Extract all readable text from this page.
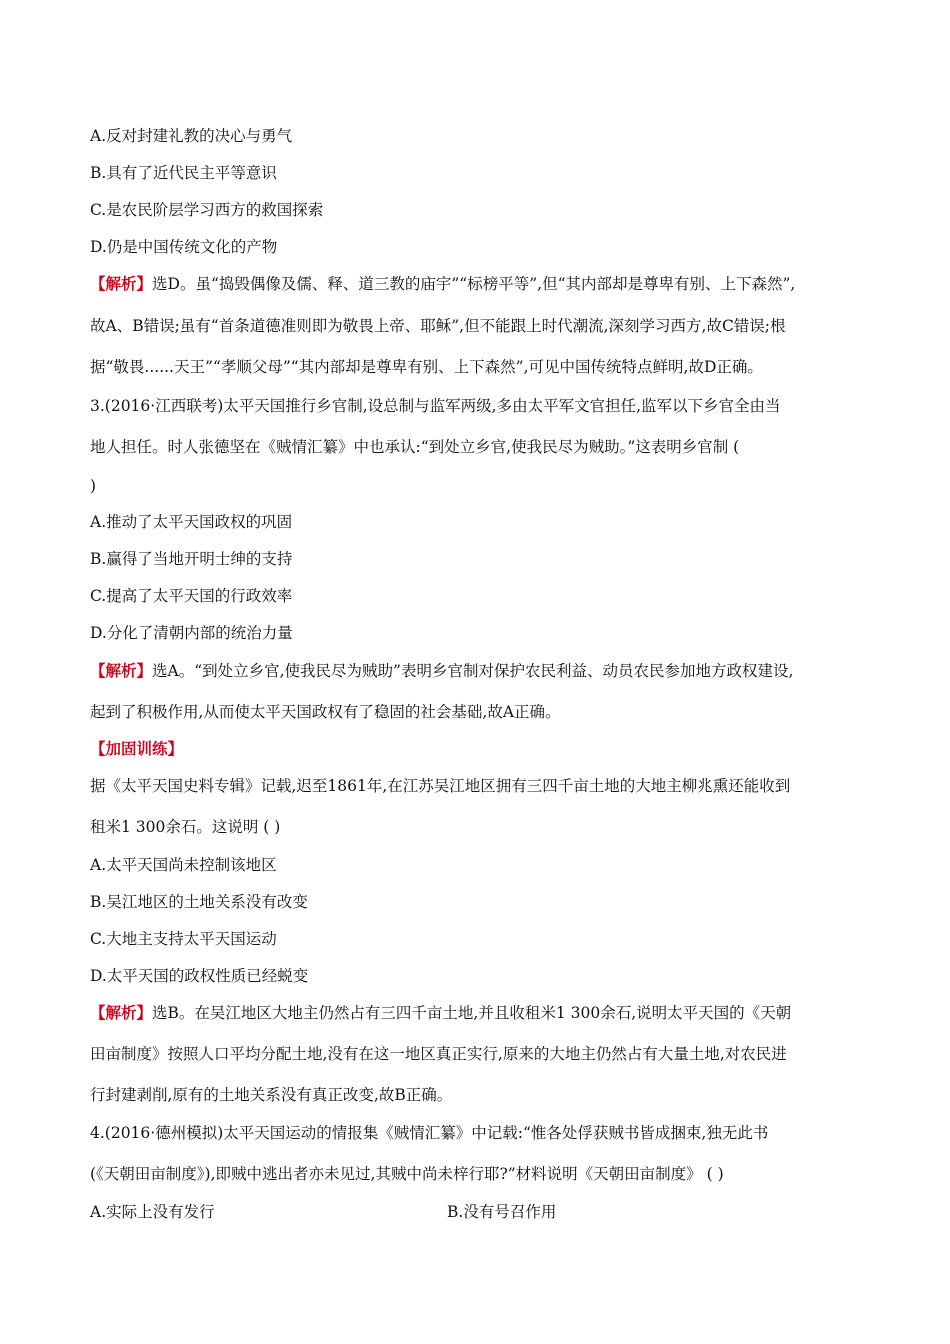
A.反对封建礼教的决心与勇气
B.具有了近代民主平等意识
C.是农民阶层学习西方的救国探索
D.仍是中国传统文化的产物
【解析】选D。虽“捣毁偶像及儒、释、道三教的庙宇”“标榜平等”,但“其内部却是尊卑有别、上下森然”,
故A、B错误;虽有“首条道德准则即为敬畏上帝、耶稣”,但不能跟上时代潮流,深刻学习西方,故C错误;根
据“敬畏......天王”“孝顺父母”“其内部却是尊卑有别、上下森然”,可见中国传统特点鲜明,故D正确。
3.(2016·江西联考)太平天国推行乡官制,设总制与监军两级,多由太平军文官担任,监军以下乡官全由当
地人担任。时人张德坚在《贼情汇纂》中也承认:“到处立乡官,使我民尽为贼助。”这表明乡官制 (
)
A.推动了太平天国政权的巩固
B.赢得了当地开明士绅的支持
C.提高了太平天国的行政效率
D.分化了清朝内部的统治力量
【解析】选A。“到处立乡官,使我民尽为贼助”表明乡官制对保护农民利益、动员农民参加地方政权建设,
起到了积极作用,从而使太平天国政权有了稳固的社会基础,故A正确。
【加固训练】
据《太平天国史料专辑》记载,迟至1861年,在江苏吴江地区拥有三四千亩土地的大地主柳兆熏还能收到
租米1 300余石。这说明 ( )
A.太平天国尚未控制该地区
B.吴江地区的土地关系没有改变
C.大地主支持太平天国运动
D.太平天国的政权性质已经蜕变
【解析】选B。在吴江地区大地主仍然占有三四千亩土地,并且收租米1 300余石,说明太平天国的《天朝
田亩制度》按照人口平均分配土地,没有在这一地区真正实行,原来的大地主仍然占有大量土地,对农民进
行封建剥削,原有的土地关系没有真正改变,故B正确。
4.(2016·德州模拟)太平天国运动的情报集《贼情汇纂》中记载:“惟各处俘获贼书皆成捆束,独无此书
(《天朝田亩制度》),即贼中逃出者亦未见过,其贼中尚未梓行耶?”材料说明《天朝田亩制度》 ( )
A.实际上没有发行	B.没有号召作用
